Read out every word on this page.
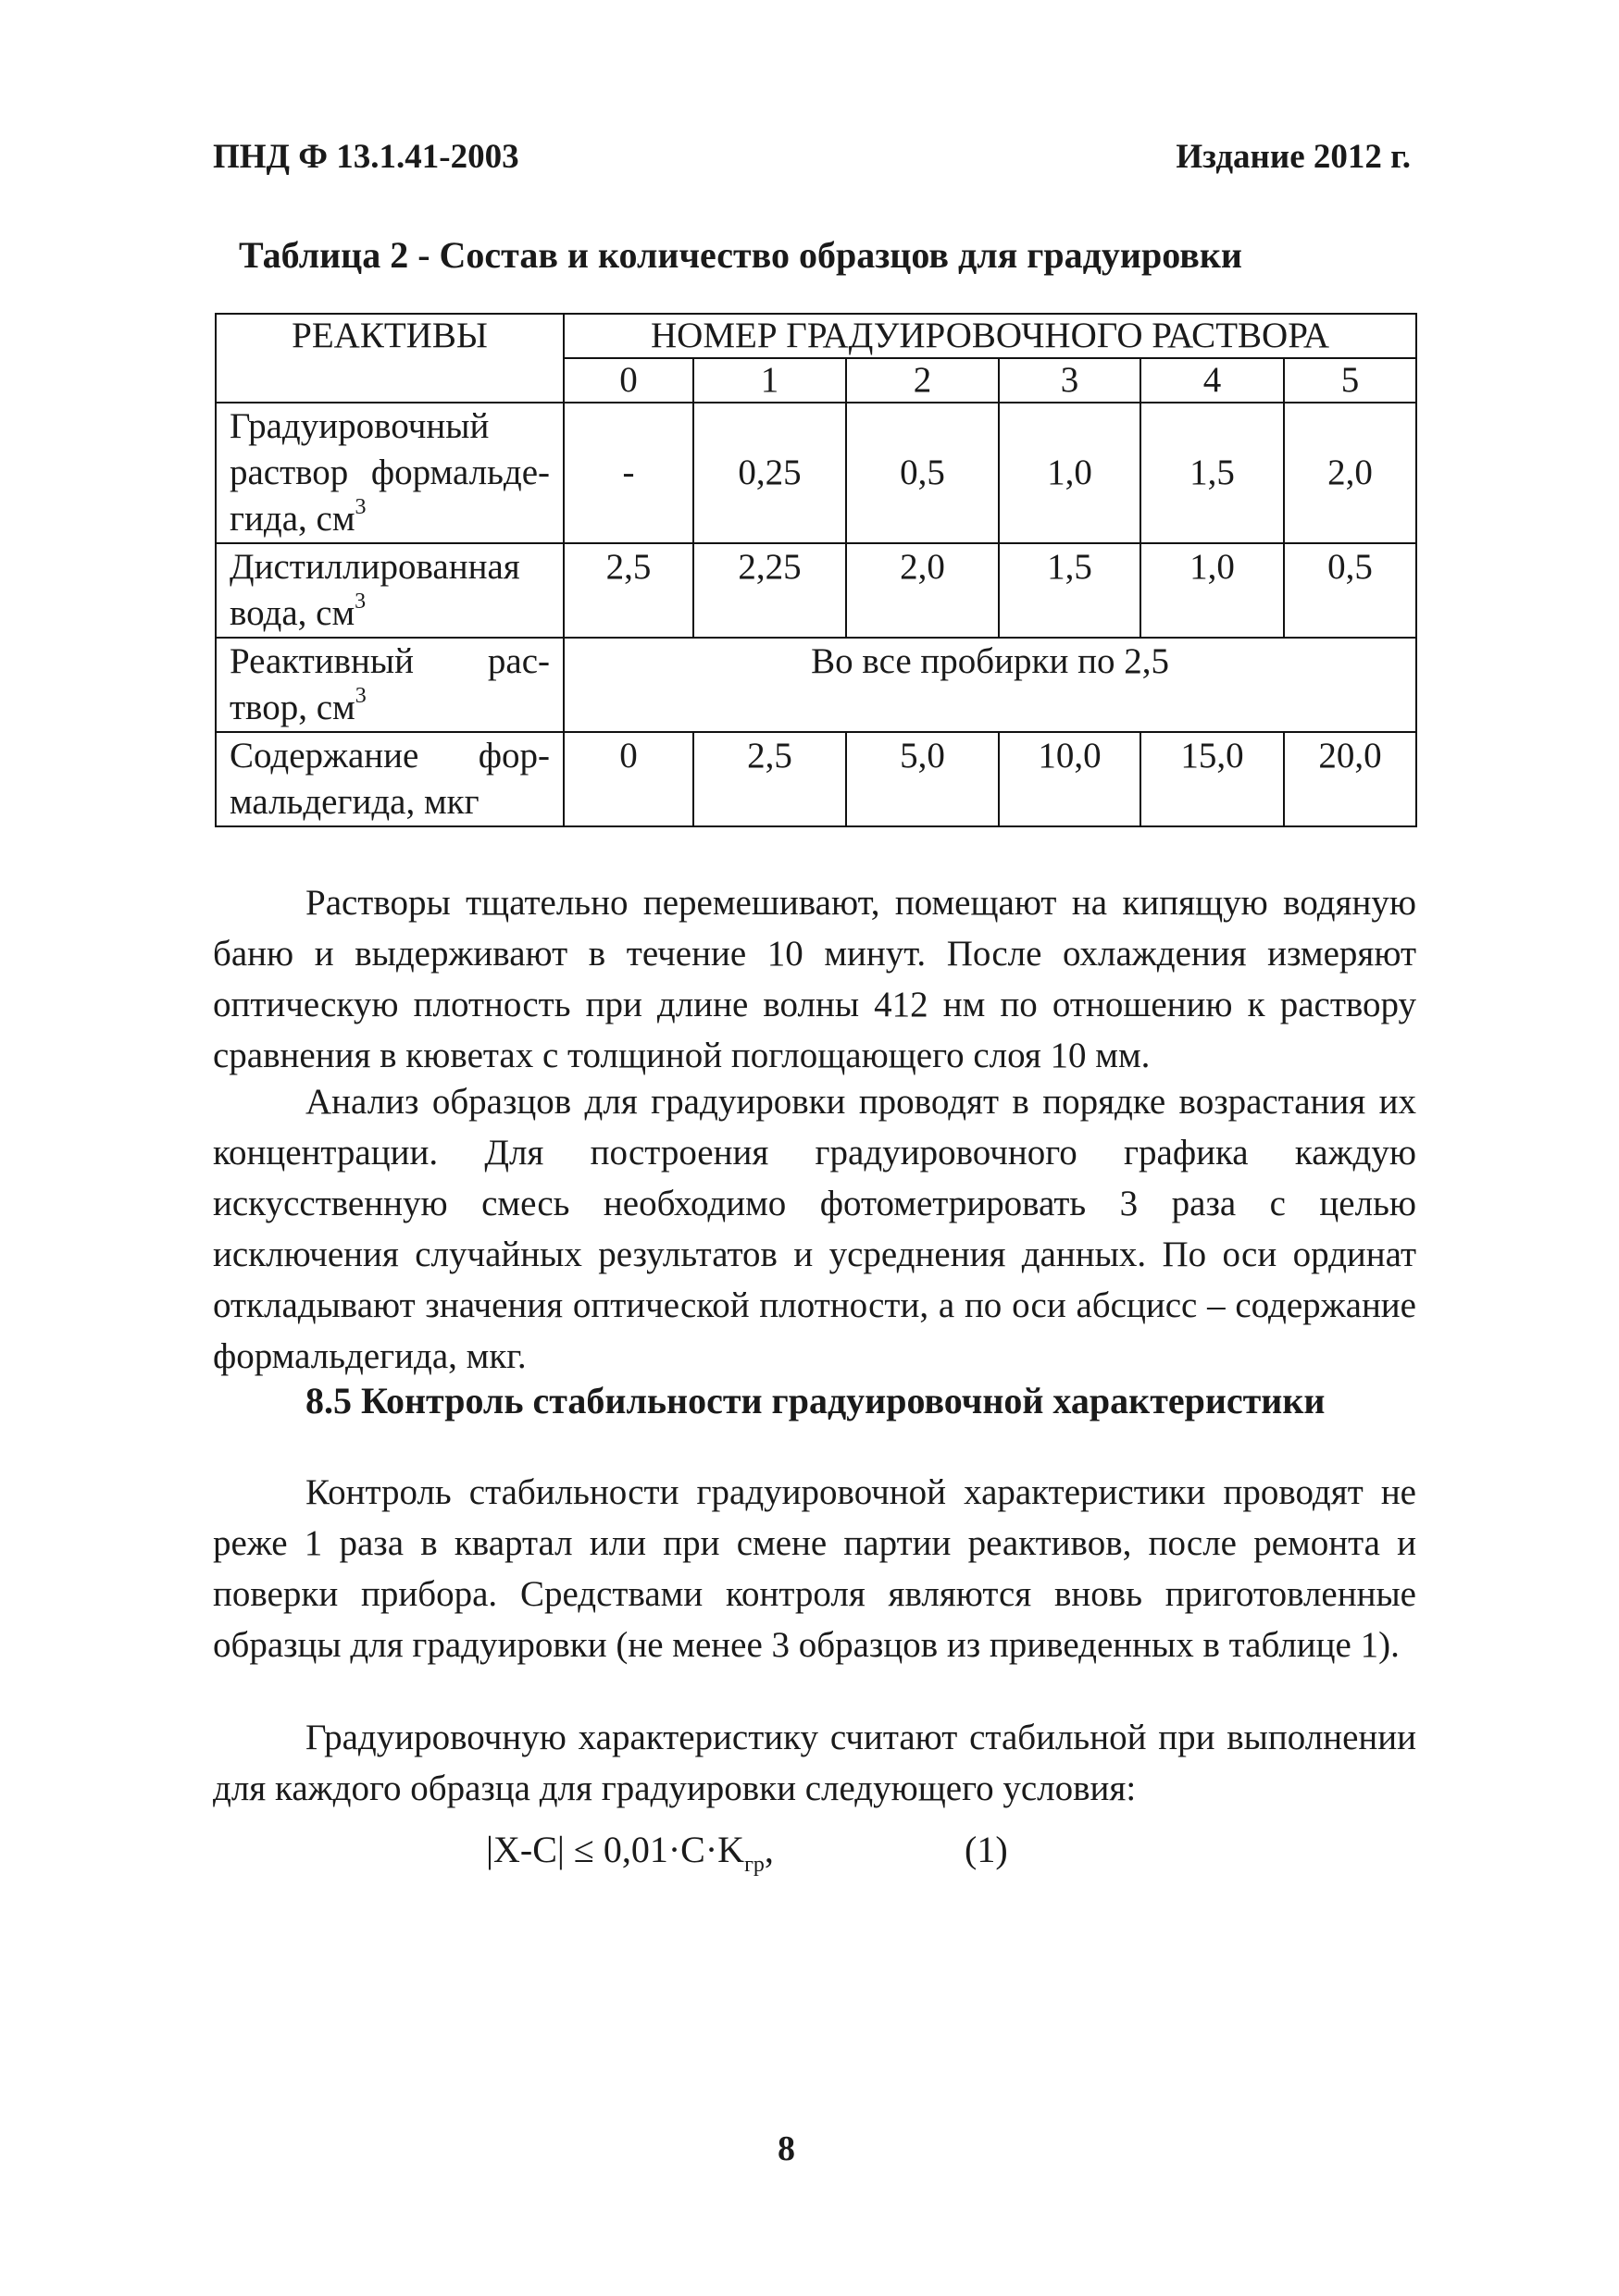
ПНД Ф 13.1.41-2003	Издание 2012 г.
Таблица 2 - Состав и количество образцов для градуировки
РЕАКТИВЫ	НОМЕР ГРАДУИРОВОЧНОГО РАСТВОРА					
	0	1	2	3	4	5
Градуировочный раствор формальде-гида, $см^3$	-	0,25	0,5	1,0	1,5	2,0
Дистиллированная вода, $см^3$	2,5	2,25	2,0	1,5	1,0	0,5
Реактивный рас-твор, $см^3$	Во все пробирки по 2,5					
Содержание фор-мальдегида, мкг	0	2,5	5,0	10,0	15,0	20,0

Растворы тщательно перемешивают, помещают на кипящую водяную баню и выдерживают в течение 10 минут. После охлаждения измеряют оптическую плотность при длине волны 412 нм по отношению к раствору сравнения в кюветах с толщиной поглощающего слоя 10 мм.

Анализ образцов для градуировки проводят в порядке возрастания их концентрации. Для построения градуировочного графика каждую искусственную смесь необходимо фотометрировать 3 раза с целью исключения случайных результатов и усреднения данных. По оси ординат откладывают значения оптической плотности, а по оси абсцисс – содержание формальдегида, мкг.

8.5 Контроль стабильности градуировочной характеристики

Контроль стабильности градуировочной характеристики проводят не реже 1 раза в квартал или при смене партии реактивов, после ремонта и поверки прибора. Средствами контроля являются вновь приготовленные образцы для градуировки (не менее 3 образцов из приведенных в таблице 1).

Градуировочную характеристику считают стабильной при выполнении для каждого образца для градуировки следующего условия:

$|X-C| \le 0,01\cdot C\cdot K_{гр}$,	(1)
8
